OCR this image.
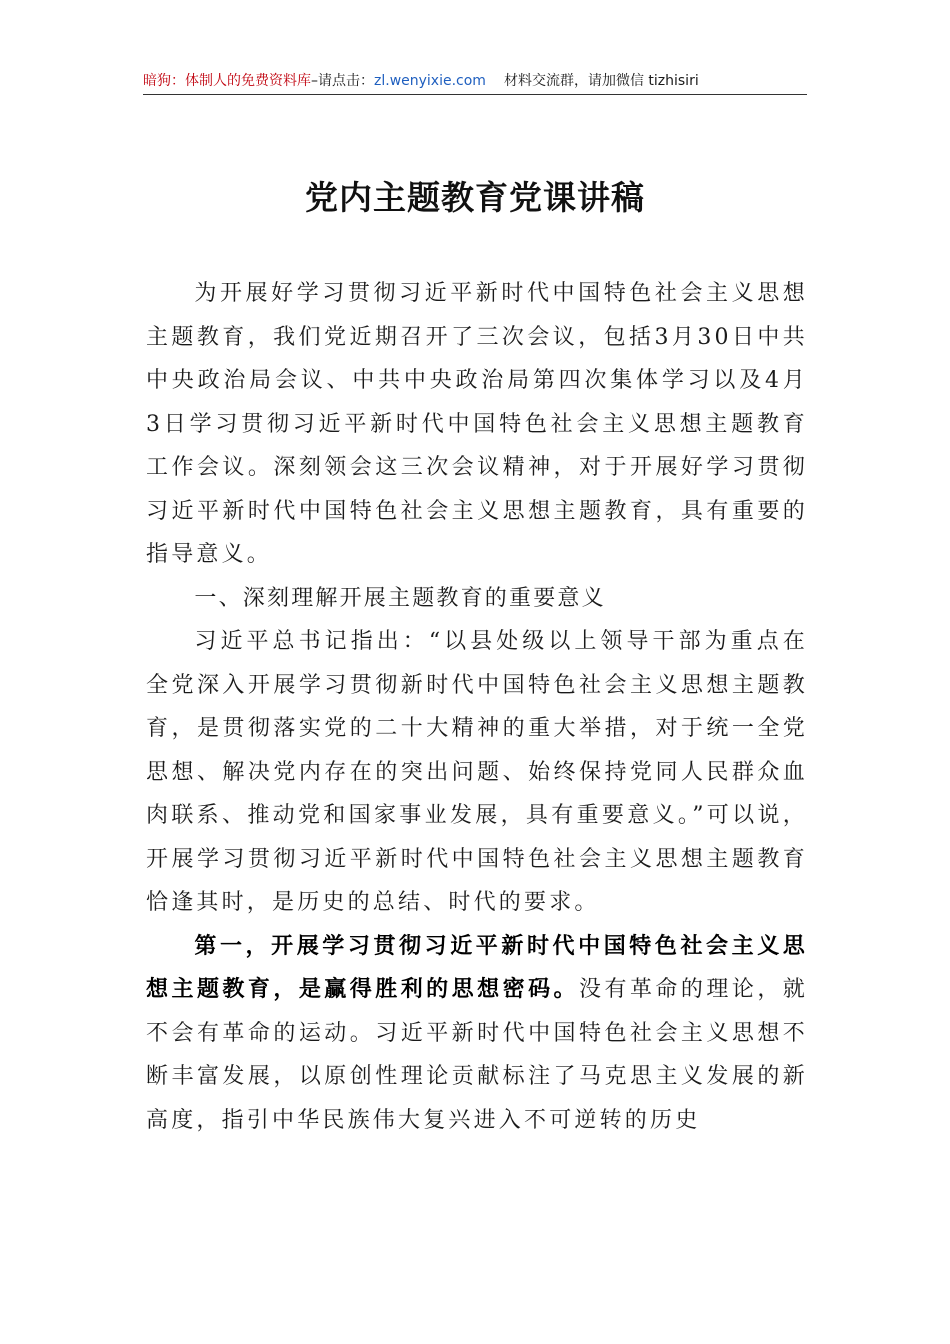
暗狗：体制人的免费资料库–请点击：zl.wenyixie.com 材料交流群，请加微信 tizhisiri
党内主题教育党课讲稿

为开展好学习贯彻习近平新时代中国特色社会主义思想主题教育，我们党近期召开了三次会议，包括3月30日中共中央政治局会议、中共中央政治局第四次集体学习以及4月3日学习贯彻习近平新时代中国特色社会主义思想主题教育工作会议。深刻领会这三次会议精神，对于开展好学习贯彻习近平新时代中国特色社会主义思想主题教育，具有重要的指导意义。

一、深刻理解开展主题教育的重要意义

习近平总书记指出：“以县处级以上领导干部为重点在全党深入开展学习贯彻新时代中国特色社会主义思想主题教育，是贯彻落实党的二十大精神的重大举措，对于统一全党思想、解决党内存在的突出问题、始终保持党同人民群众血肉联系、推动党和国家事业发展，具有重要意义。”可以说，开展学习贯彻习近平新时代中国特色社会主义思想主题教育恰逢其时，是历史的总结、时代的要求。

第一，开展学习贯彻习近平新时代中国特色社会主义思想主题教育，是赢得胜利的思想密码。没有革命的理论，就不会有革命的运动。习近平新时代中国特色社会主义思想不断丰富发展，以原创性理论贡献标注了马克思主义发展的新高度，指引中华民族伟大复兴进入不可逆转的历史
